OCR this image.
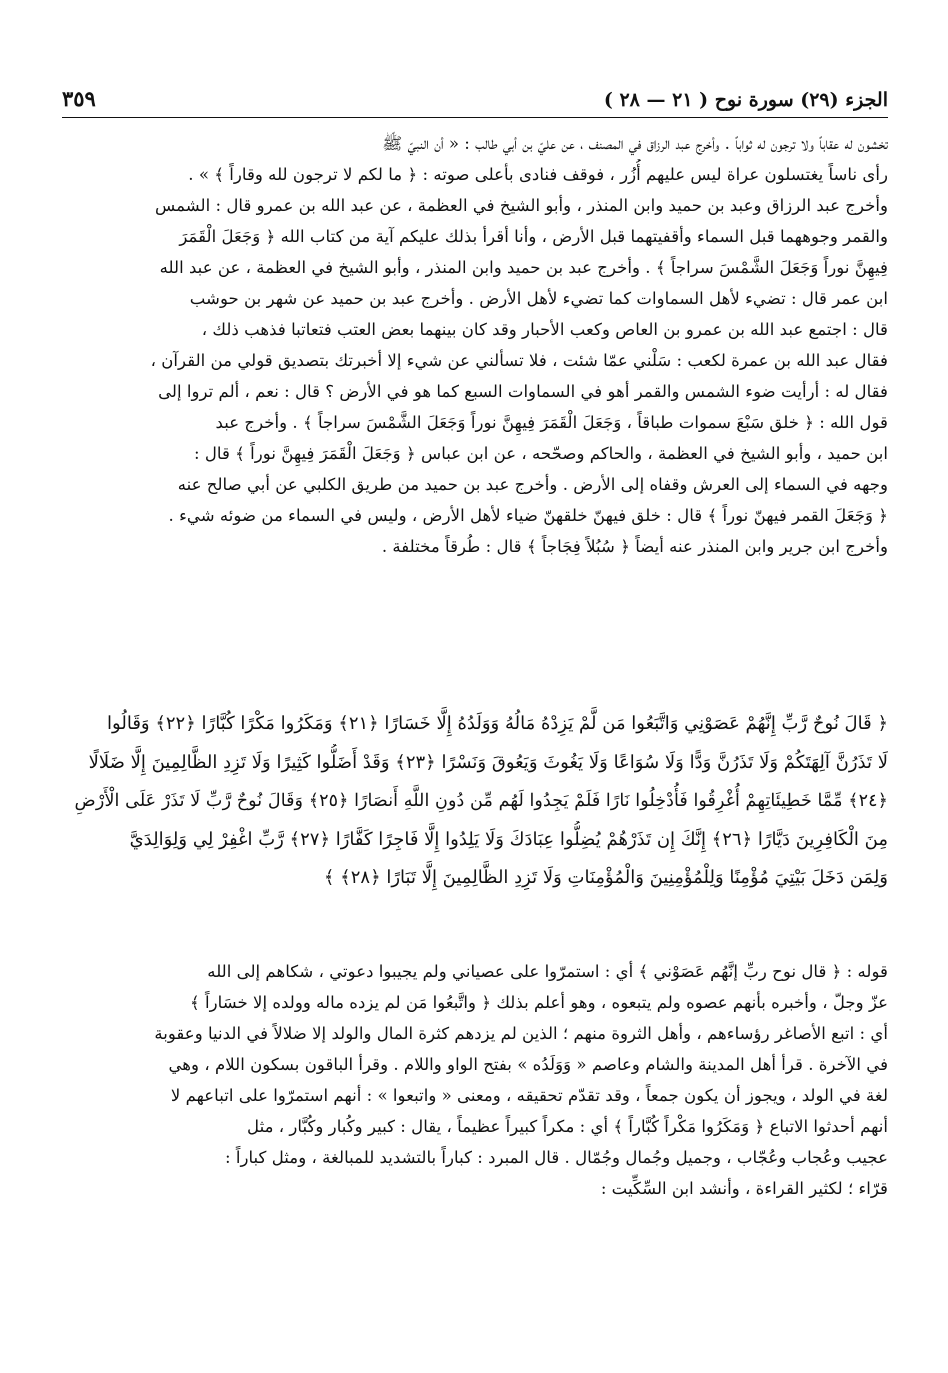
الجزء (٢٩) سورة نوح ( ٢١ — ٢٨ )
٣٥٩
تخشون له عقاباً ولا ترجون له ثواباً . وأخرج عبد الرزاق في المصنف ، عن عليّ بن أبي طالب : « أن النبيّ ﷺ
رأى ناساً يغتسلون عراة ليس عليهم أُزُر ، فوقف فنادى بأعلى صوته : ﴿ ما لكم لا ترجون لله وقاراً ﴾ » .
وأخرج عبد الرزاق وعبد بن حميد وابن المنذر ، وأبو الشيخ في العظمة ، عن عبد الله بن عمرو قال : الشمس
والقمر وجوههما قبل السماء وأقفيتهما قبل الأرض ، وأنا أقرأ بذلك عليكم آية من كتاب الله ﴿ وَجَعَلَ الْقَمَرَ
فِيهِنَّ نوراً وَجَعَلَ الشَّمْسَ سراجاً ﴾ . وأخرج عبد بن حميد وابن المنذر ، وأبو الشيخ في العظمة ، عن عبد الله
ابن عمر قال : تضيء لأهل السماوات كما تضيء لأهل الأرض . وأخرج عبد بن حميد عن شهر بن حوشب
قال : اجتمع عبد الله بن عمرو بن العاص وكعب الأحبار وقد كان بينهما بعض العتب فتعاتبا فذهب ذلك ،
فقال عبد الله بن عمرة لكعب : سَلْني عمّا شئت ، فلا تسألني عن شيء إلا أخبرتك بتصديق قولي من القرآن ،
فقال له : أرأيت ضوء الشمس والقمر أهو في السماوات السبع كما هو في الأرض ؟ قال : نعم ، ألم تروا إلى
قول الله : ﴿ خلق سَبْعَ سموات طباقاً ، وَجَعَلَ الْقَمَرَ فِيهِنَّ نوراً وَجَعَلَ الشَّمْسَ سراجاً ﴾ . وأخرج عبد
ابن حميد ، وأبو الشيخ في العظمة ، والحاكم وصحّحه ، عن ابن عباس ﴿ وَجَعَلَ الْقَمَرَ فِيهِنَّ نوراً ﴾ قال :
وجهه في السماء إلى العرش وقفاه إلى الأرض . وأخرج عبد بن حميد من طريق الكلبي عن أبي صالح عنه
﴿ وَجَعَلَ القمر فيهنّ نوراً ﴾ قال : خلق فيهنّ خلقهنّ ضياء لأهل الأرض ، وليس في السماء من ضوئه شيء .
وأخرج ابن جرير وابن المنذر عنه أيضاً ﴿ سُبُلاً فِجَاجاً ﴾ قال : طُرقاً مختلفة .
﴿ قَالَ نُوحٌ رَّبِّ إِنَّهُمْ عَصَوْنِي وَاتَّبَعُوا مَن لَّمْ يَزِدْهُ مَالُهُ وَوَلَدُهُ إِلَّا خَسَارًا ﴿٢١﴾ وَمَكَرُوا مَكْرًا كُبَّارًا ﴿٢٢﴾ وَقَالُوا
لَا تَذَرُنَّ آلِهَتَكُمْ وَلَا تَذَرُنَّ وَدًّا وَلَا سُوَاعًا وَلَا يَغُوثَ وَيَعُوقَ وَنَسْرًا ﴿٢٣﴾ وَقَدْ أَضَلُّوا كَثِيرًا وَلَا تَزِدِ الظَّالِمِينَ إِلَّا ضَلَالًا
﴿٢٤﴾ مِّمَّا خَطِيئَاتِهِمْ أُغْرِقُوا فَأُدْخِلُوا نَارًا فَلَمْ يَجِدُوا لَهُم مِّن دُونِ اللَّهِ أَنصَارًا ﴿٢٥﴾ وَقَالَ نُوحٌ رَّبِّ لَا تَذَرْ عَلَى الْأَرْضِ
مِنَ الْكَافِرِينَ دَيَّارًا ﴿٢٦﴾ إِنَّكَ إِن تَذَرْهُمْ يُضِلُّوا عِبَادَكَ وَلَا يَلِدُوا إِلَّا فَاجِرًا كَفَّارًا ﴿٢٧﴾ رَّبِّ اغْفِرْ لِي وَلِوَالِدَيَّ
وَلِمَن دَخَلَ بَيْتِيَ مُؤْمِنًا وَلِلْمُؤْمِنِينَ وَالْمُؤْمِنَاتِ وَلَا تَزِدِ الظَّالِمِينَ إِلَّا تَبَارًا ﴿٢٨﴾ ﴾
قوله : ﴿ قال نوح ربِّ إنَّهُم عَصَوْني ﴾ أي : استمرّوا على عصياني ولم يجيبوا دعوتي ، شكاهم إلى الله
عزّ وجلّ ، وأخبره بأنهم عصوه ولم يتبعوه ، وهو أعلم بذلك ﴿ واتَّبعُوا مَن لم يزده ماله وولده إلا خسَاراً ﴾
أي : اتبع الأصاغر رؤساءهم ، وأهل الثروة منهم ؛ الذين لم يزدهم كثرة المال والولد إلا ضلالاً في الدنيا وعقوبة
في الآخرة . قرأ أهل المدينة والشام وعاصم « وَوَلَدُه » بفتح الواو واللام . وقرأ الباقون بسكون اللام ، وهي
لغة في الولد ، ويجوز أن يكون جمعاً ، وقد تقدّم تحقيقه ، ومعنى « واتبعوا » : أنهم استمرّوا على اتباعهم لا
أنهم أحدثوا الاتباع ﴿ وَمَكَرُوا مَكْراً كُبَّاراً ﴾ أي : مكراً كبيراً عظيماً ، يقال : كبير وكُبار وكُبَّار ، مثل
عجيب وعُجاب وعُجّاب ، وجميل وجُمال وجُمّال . قال المبرد : كباراً بالتشديد للمبالغة ، ومثل كباراً :
قرّاء ؛ لكثير القراءة ، وأنشد ابن السِّكِّيت :
